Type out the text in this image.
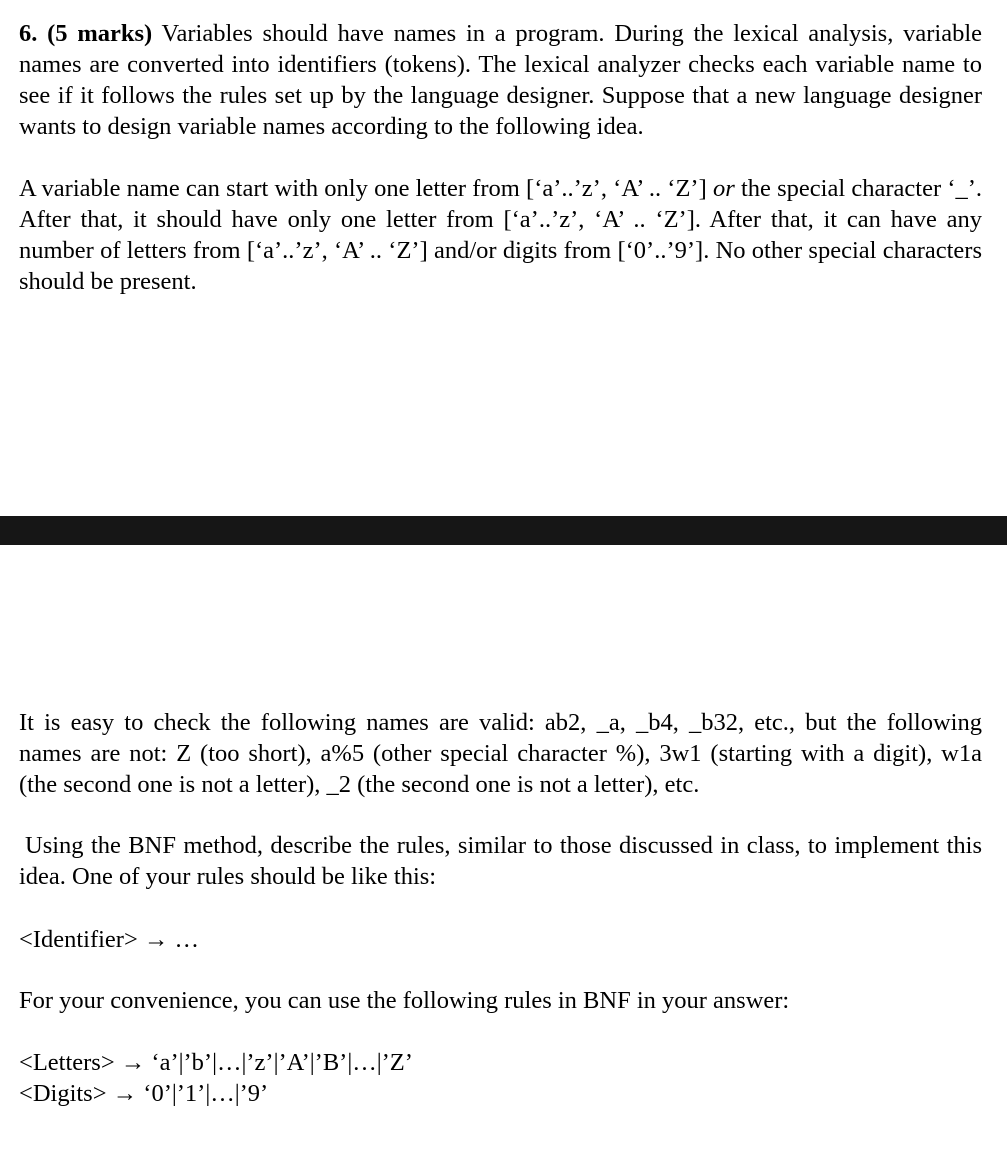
6. (5 marks) Variables should have names in a program. During the lexical analysis, variable names are converted into identifiers (tokens). The lexical analyzer checks each variable name to see if it follows the rules set up by the language designer. Suppose that a new language designer wants to design variable names according to the following idea.
A variable name can start with only one letter from [‘a’..’z’, ‘A’ .. ‘Z’] or the special character ‘_’. After that, it should have only one letter from [‘a’..’z’, ‘A’ .. ‘Z’]. After that, it can have any number of letters from [‘a’..’z’, ‘A’ .. ‘Z’] and/or digits from [‘0’..’9’]. No other special characters should be present.
It is easy to check the following names are valid: ab2, _a, _b4, _b32, etc., but the following names are not: Z (too short), a%5 (other special character %), 3w1 (starting with a digit), w1a (the second one is not a letter), _2 (the second one is not a letter), etc.
Using the BNF method, describe the rules, similar to those discussed in class, to implement this idea. One of your rules should be like this:
<Identifier> → …
For your convenience, you can use the following rules in BNF in your answer:
<Letters> → ‘a’|’b’|…|’z’|’A’|’B’|…|’Z’
<Digits> → ‘0’|’1’|…|’9’
